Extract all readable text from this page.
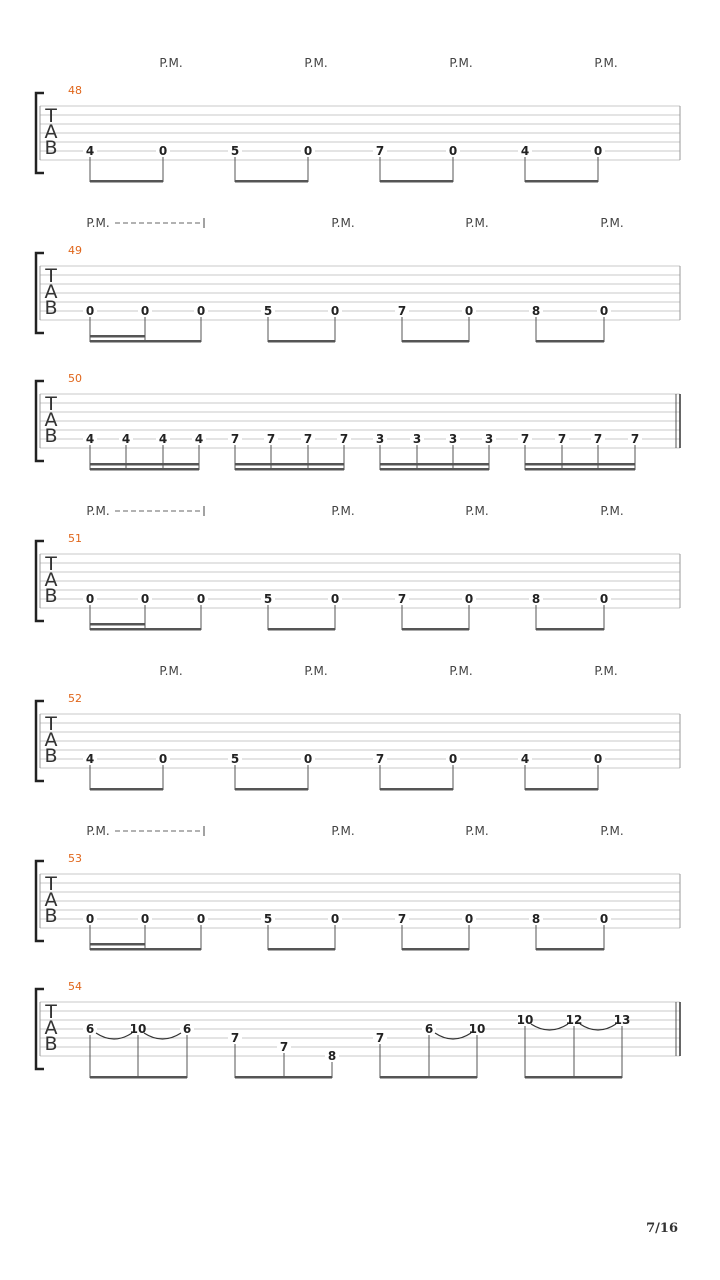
T
A
B
48
P.M.	P.M.	P.M.	P.M.
4	0	5	0	7	0	4	0
T
A
B
49
P.M.	P.M.	P.M.	P.M.
0	0	0	5	0	7	0	8	0
T
A
B
50
4 4 4 4 7 7 7 7 3 3 3 3 7 7 7 7
T
A
B
51
P.M.	P.M.	P.M.	P.M.
0	0	0	5	0	7	0	8	0
T
A
B
52
P.M.	P.M.	P.M.	P.M.
4	0	5	0	7	0	4	0
T
A
B
53
P.M.	P.M.	P.M.	P.M.
0	0	0	5	0	7	0	8	0
T
A
B
54
6	10	6
7
7
8
7
6	10
10	12	13
7/16
